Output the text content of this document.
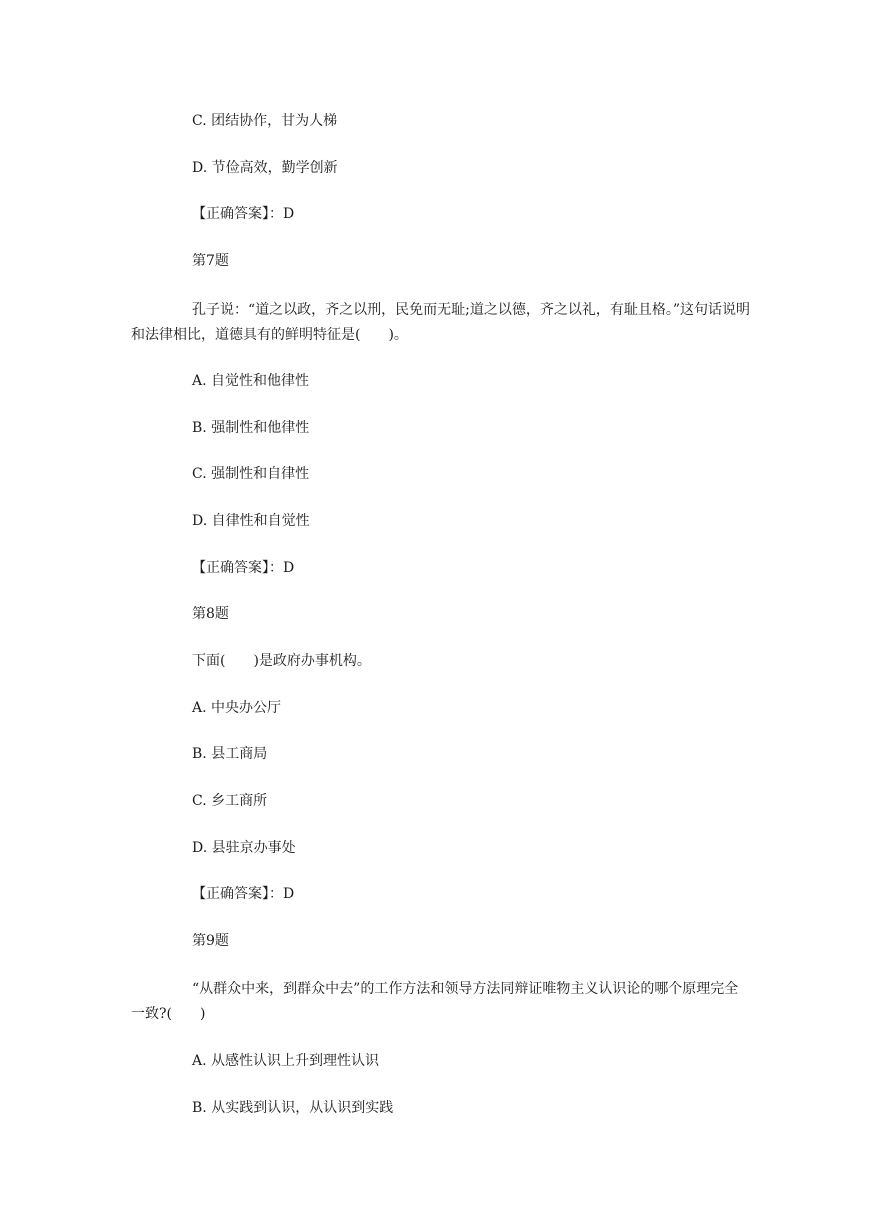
C. 团结协作，甘为人梯
D. 节俭高效，勤学创新
【正确答案】：D
第7题
孔子说：“道之以政，齐之以刑，民免而无耻;道之以德，齐之以礼，有耻且格。”这句话说明和法律相比，道德具有的鲜明特征是(　　)。
A. 自觉性和他律性
B. 强制性和他律性
C. 强制性和自律性
D. 自律性和自觉性
【正确答案】：D
第8题
下面(　　)是政府办事机构。
A. 中央办公厅
B. 县工商局
C. 乡工商所
D. 县驻京办事处
【正确答案】：D
第9题
“从群众中来，到群众中去”的工作方法和领导方法同辩证唯物主义认识论的哪个原理完全一致?(　　)
A. 从感性认识上升到理性认识
B. 从实践到认识，从认识到实践
